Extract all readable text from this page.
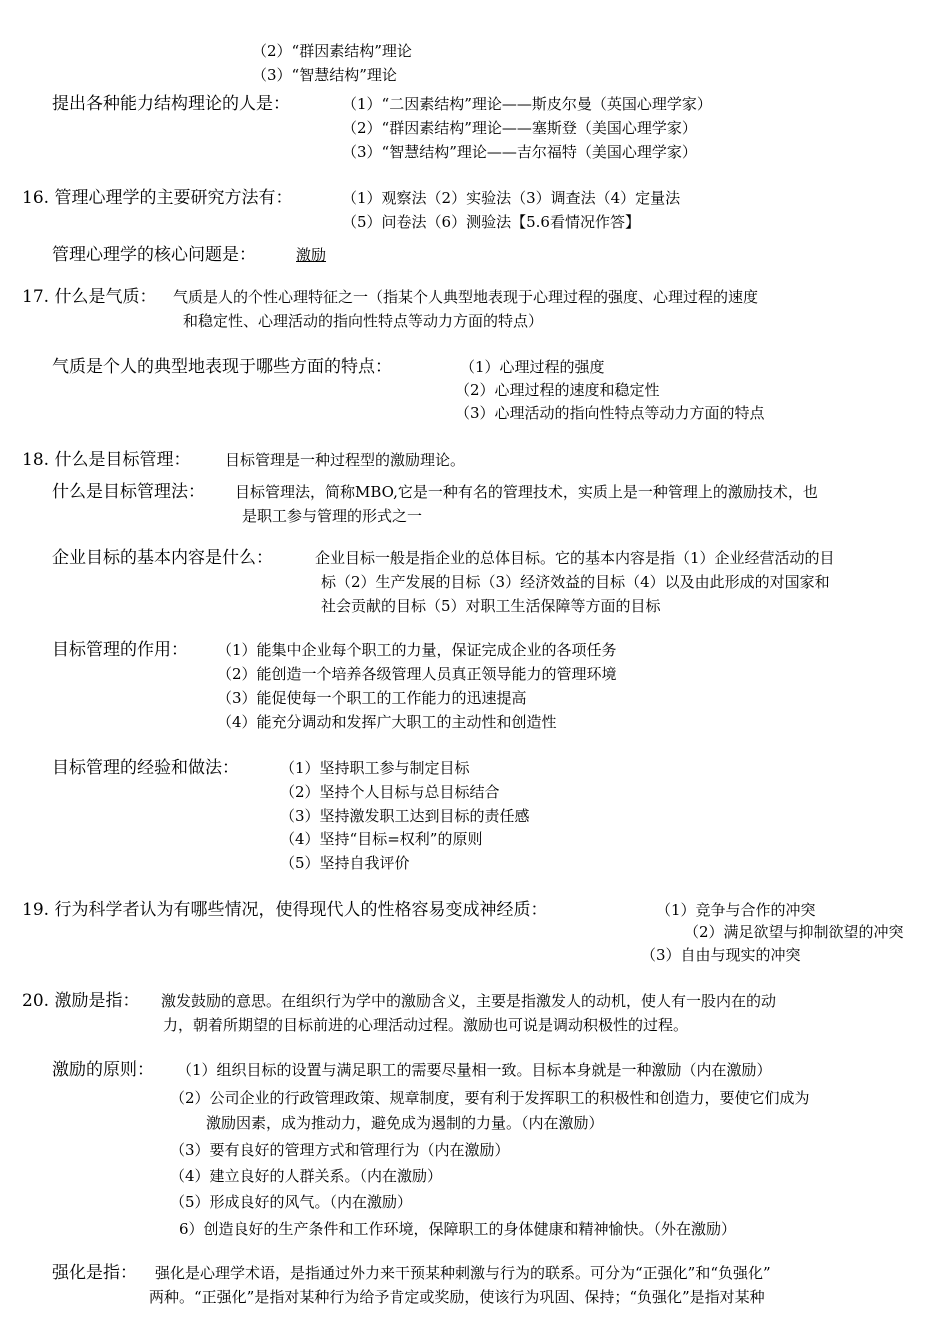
（2）“群因素结构”理论
（3）“智慧结构”理论
提出各种能力结构理论的人是：	（1）“二因素结构”理论——斯皮尔曼（英国心理学家）
（2）“群因素结构”理论——塞斯登（美国心理学家）
（3）“智慧结构”理论——吉尔福特（美国心理学家）
16. 管理心理学的主要研究方法有：	（1）观察法（2）实验法（3）调查法（4）定量法
（5）问卷法（6）测验法【5.6看情况作答】
管理心理学的核心问题是：	激励
17. 什么是气质： 气质是人的个性心理特征之一（指某个人典型地表现于心理过程的强度、心理过程的速度
和稳定性、心理活动的指向性特点等动力方面的特点）
气质是个人的典型地表现于哪些方面的特点：	（1）心理过程的强度
（2）心理过程的速度和稳定性
（3）心理活动的指向性特点等动力方面的特点
18. 什么是目标管理： 目标管理是一种过程型的激励理论。
什么是目标管理法： 目标管理法，简称MBO,它是一种有名的管理技术，实质上是一种管理上的激励技术，也
是职工参与管理的形式之一
企业目标的基本内容是什么：	企业目标一般是指企业的总体目标。它的基本内容是指（1）企业经营活动的目
标（2）生产发展的目标（3）经济效益的目标（4）以及由此形成的对国家和
社会贡献的目标（5）对职工生活保障等方面的目标
目标管理的作用： （1）能集中企业每个职工的力量，保证完成企业的各项任务
（2）能创造一个培养各级管理人员真正领导能力的管理环境
（3）能促使每一个职工的工作能力的迅速提高
（4）能充分调动和发挥广大职工的主动性和创造性
目标管理的经验和做法：	（1）坚持职工参与制定目标
（2）坚持个人目标与总目标结合
（3）坚持激发职工达到目标的责任感
（4）坚持“目标=权利”的原则
（5）坚持自我评价
19. 行为科学者认为有哪些情况，使得现代人的性格容易变成神经质：	（1）竞争与合作的冲突
（2）满足欲望与抑制欲望的冲突
（3）自由与现实的冲突
20. 激励是指： 激发鼓励的意思。在组织行为学中的激励含义，主要是指激发人的动机，使人有一股内在的动
力，朝着所期望的目标前进的心理活动过程。激励也可说是调动积极性的过程。
激励的原则： （1）组织目标的设置与满足职工的需要尽量相一致。目标本身就是一种激励（内在激励）
（2）公司企业的行政管理政策、规章制度，要有利于发挥职工的积极性和创造力，要使它们成为
激励因素，成为推动力，避免成为遏制的力量。（内在激励）
（3）要有良好的管理方式和管理行为（内在激励）
（4）建立良好的人群关系。（内在激励）
（5）形成良好的风气。（内在激励）
6）创造良好的生产条件和工作环境，保障职工的身体健康和精神愉快。（外在激励）
强化是指： 强化是心理学术语，是指通过外力来干预某种刺激与行为的联系。可分为“正强化”和“负强化”
两种。“正强化”是指对某种行为给予肯定或奖励，使该行为巩固、保持；“负强化”是指对某种
